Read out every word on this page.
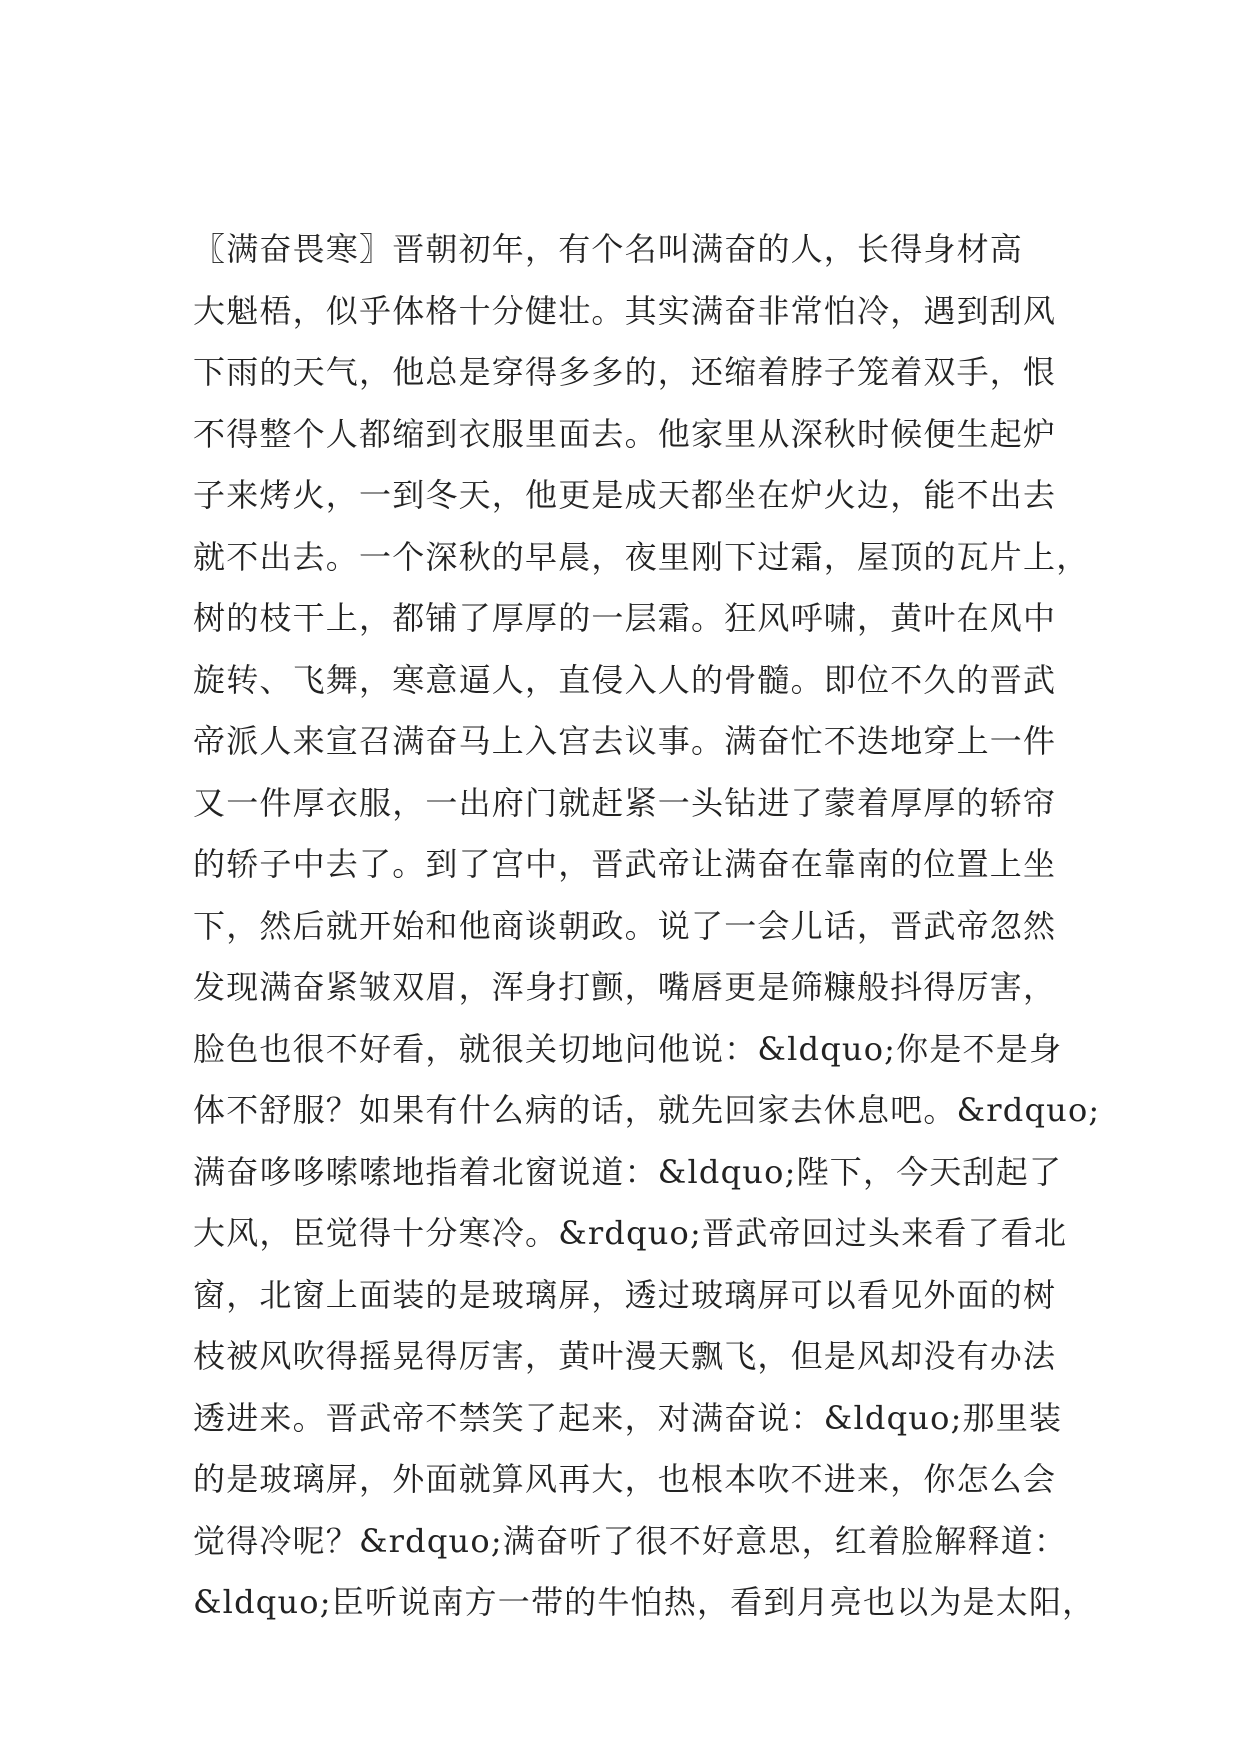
〖满奋畏寒〗晋朝初年，有个名叫满奋的人，长得身材高
大魁梧，似乎体格十分健壮。其实满奋非常怕冷，遇到刮风
下雨的天气，他总是穿得多多的，还缩着脖子笼着双手，恨
不得整个人都缩到衣服里面去。他家里从深秋时候便生起炉
子来烤火，一到冬天，他更是成天都坐在炉火边，能不出去
就不出去。一个深秋的早晨，夜里刚下过霜，屋顶的瓦片上，
树的枝干上，都铺了厚厚的一层霜。狂风呼啸，黄叶在风中
旋转、飞舞，寒意逼人，直侵入人的骨髓。即位不久的晋武
帝派人来宣召满奋马上入宫去议事。满奋忙不迭地穿上一件
又一件厚衣服，一出府门就赶紧一头钻进了蒙着厚厚的轿帘
的轿子中去了。到了宫中，晋武帝让满奋在靠南的位置上坐
下，然后就开始和他商谈朝政。说了一会儿话，晋武帝忽然
发现满奋紧皱双眉，浑身打颤，嘴唇更是筛糠般抖得厉害，
脸色也很不好看，就很关切地问他说：&ldquo;你是不是身
体不舒服？如果有什么病的话，就先回家去休息吧。&rdquo;
满奋哆哆嗦嗦地指着北窗说道：&ldquo;陛下，今天刮起了
大风，臣觉得十分寒冷。&rdquo;晋武帝回过头来看了看北
窗，北窗上面装的是玻璃屏，透过玻璃屏可以看见外面的树
枝被风吹得摇晃得厉害，黄叶漫天飘飞，但是风却没有办法
透进来。晋武帝不禁笑了起来，对满奋说：&ldquo;那里装
的是玻璃屏，外面就算风再大，也根本吹不进来，你怎么会
觉得冷呢？&rdquo;满奋听了很不好意思，红着脸解释道：
&ldquo;臣听说南方一带的牛怕热，看到月亮也以为是太阳，
